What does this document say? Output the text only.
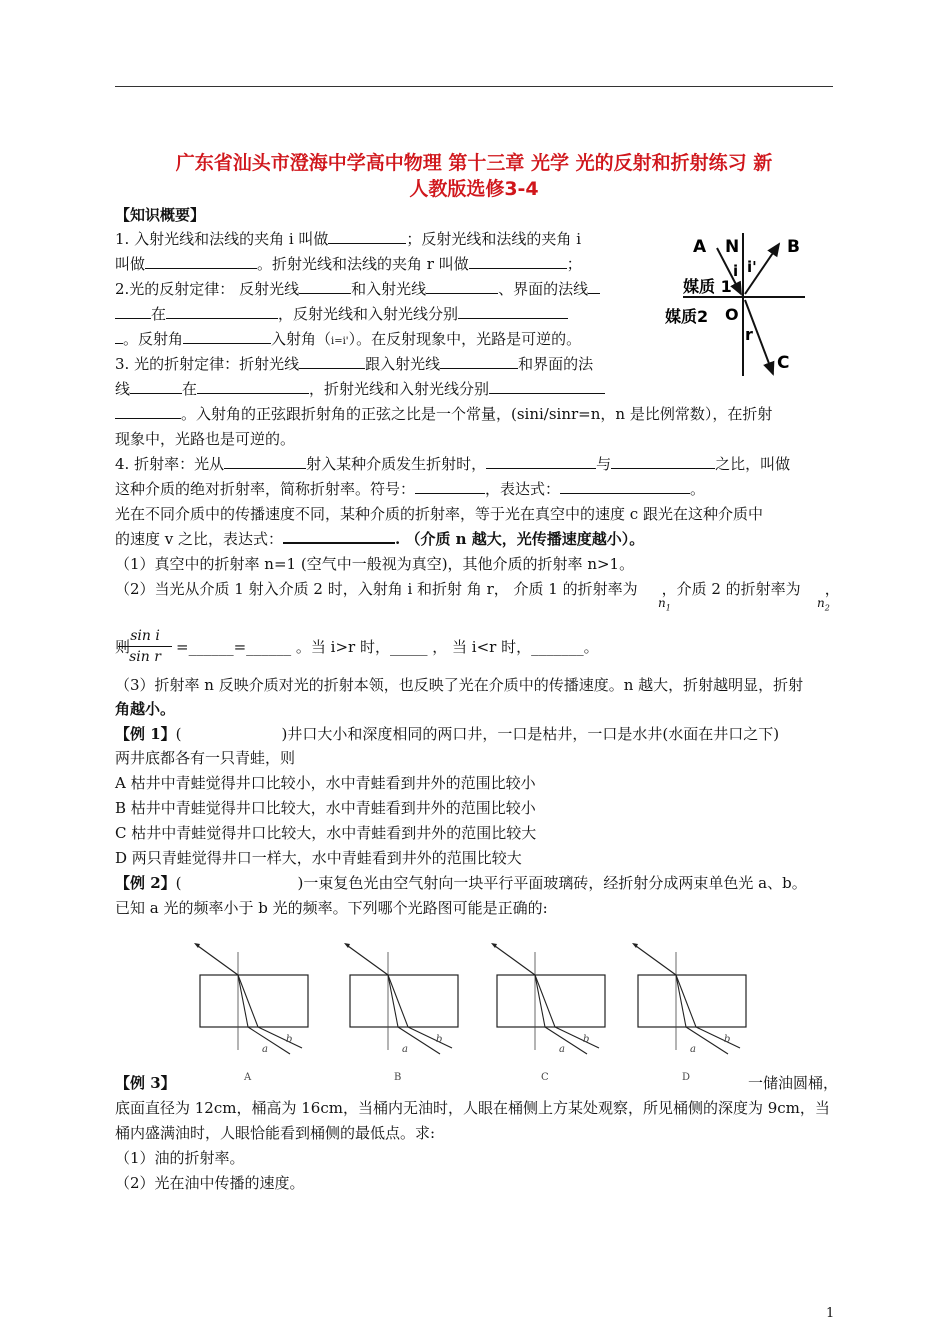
广东省汕头市澄海中学高中物理 第十三章 光学 光的反射和折射练习 新
人教版选修3-4
【知识概要】
1. 入射光线和法线的夹角 i 叫做	；反射光线和法线的夹角 i
叫做	。折射光线和法线的夹角 r 叫做	；
2.光的反射定律： 反射光线	和入射光线	、界面的法线
在	，反射光线和入射光线分别
。反射角	入射角（i=i'）。在反射现象中，光路是可逆的。
3. 光的折射定律：折射光线	跟入射光线	和界面的法
线	在	，折射光线和入射光线分别
。入射角的正弦跟折射角的正弦之比是一个常量，(sini/sinr=n，n 是比例常数），在折射
现象中，光路也是可逆的。
4. 折射率：光从	射入某种介质发生折射时，	与	之比，叫做
这种介质的绝对折射率，简称折射率。符号：	，表达式：	。
光在不同介质中的传播速度不同，某种介质的折射率，等于光在真空中的速度 c 跟光在这种介质中
的速度 v 之比，表达式：	. （介质 n 越大，光传播速度越小）。
（1）真空中的折射率 n=1 (空气中一般视为真空)，其他介质的折射率 n>1。
（2）当光从介质 1 射入介质 2 时，入射角 i 和折射 角 r， 介质 1 的折射率为 ，介质 2 的折射率为 ，
$n_1$	$n_2$
则
$\frac{\text{sin i}}{\text{sin r}}$ =______=______ 。当 i>r 时，_____ ， 当 i<r 时，_______。
（3）折射率 n 反映介质对光的折射本领，也反映了光在介质中的传播速度。n 越大，折射越明显，折射
角越小。
【例 1】(	)井口大小和深度相同的两口井，一口是枯井，一口是水井(水面在井口之下)
两井底都各有一只青蛙，则
A 枯井中青蛙觉得井口比较小，水中青蛙看到井外的范围比较小
B 枯井中青蛙觉得井口比较大，水中青蛙看到井外的范围比较小
C 枯井中青蛙觉得井口比较大，水中青蛙看到井外的范围比较大
D 两只青蛙觉得井口一样大，水中青蛙看到井外的范围比较大
【例 2】(	)一束复色光由空气射向一块平行平面玻璃砖，经折射分成两束单色光 a、b。
已知 a 光的频率小于 b 光的频率。下列哪个光路图可能是正确的:
【例 3】	一储油圆桶，
底面直径为 12cm，桶高为 16cm，当桶内无油时，人眼在桶侧上方某处观察，所见桶侧的深度为 9cm，当
桶内盛满油时，人眼恰能看到桶侧的最低点。求:
（1）油的折射率。
（2）光在油中传播的速度。
1
A N	B
i i'
媒质 1
媒质2 O
r
C
a
b
A
a
b
B
a
b
C
a
b
D
